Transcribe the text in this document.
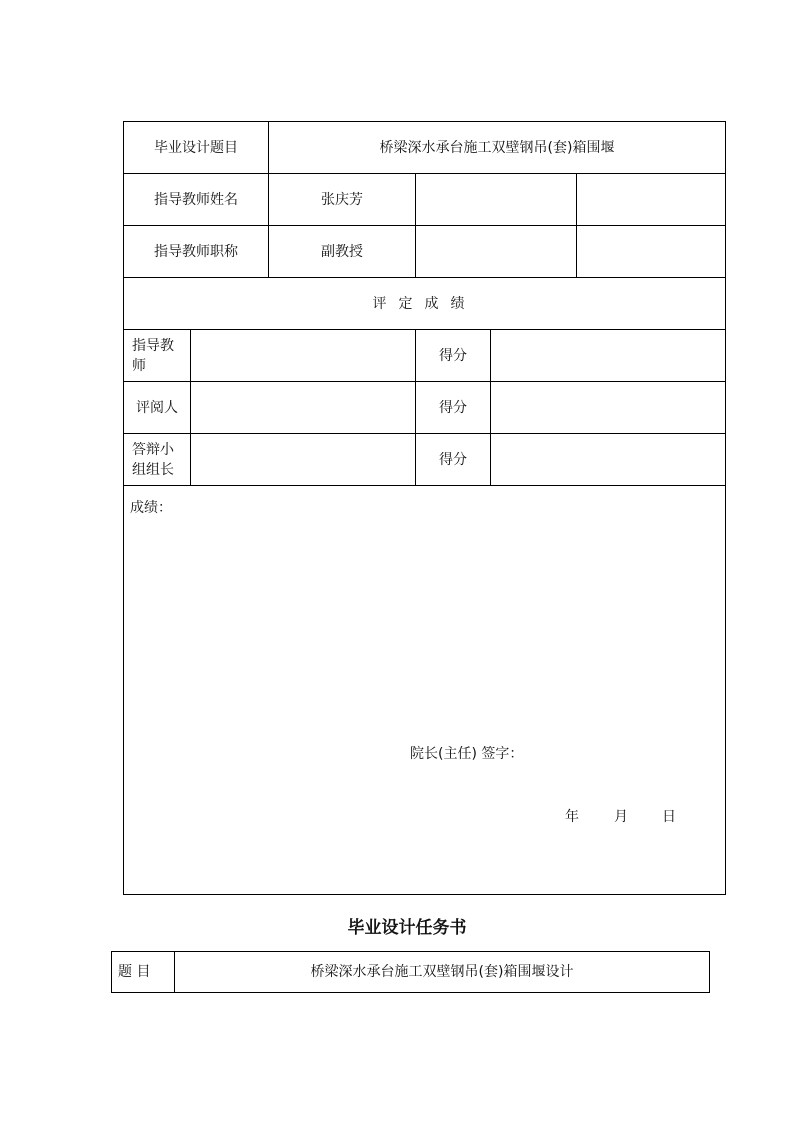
毕业设计题目		桥梁深水承台施工双壁钢吊(套)箱围堰			
指导教师姓名		张庆芳			
指导教师职称		副教授			
评定成绩					

指导教师			得分		
评阅人			得分		

答辩小组组长			得分		

成绩：
院长(主任) 签字：
年 月 日					
毕业设计任务书
题 目	桥梁深水承台施工双壁钢吊(套)箱围堰设计
